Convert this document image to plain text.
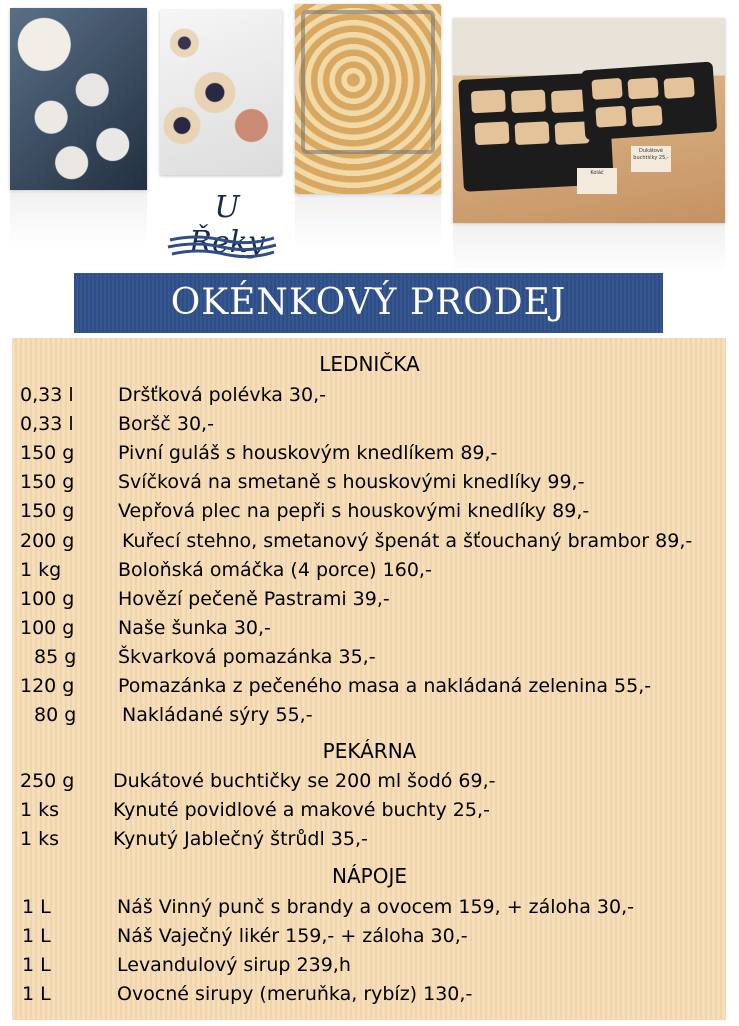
Koláč
Dukátové buchtičky 25,-
U Řeky
OKÉNKOVÝ PRODEJ
LEDNIČKA
0,33 l Dršťková polévka 30,-
0,33 l Boršč 30,-
150 g Pivní guláš s houskovým knedlíkem 89,-
150 g Svíčková na smetaně s houskovými knedlíky 99,-
150 g Vepřová plec na pepři s houskovými knedlíky 89,-
200 g	Kuřecí stehno, smetanový špenát a šťouchaný brambor 89,-
1 kg	Boloňská omáčka (4 porce) 160,-
100 g Hovězí pečeně Pastrami 39,-
100 g Naše šunka 30,-
85 g Škvarková pomazánka 35,-
120 g Pomazánka z pečeného masa a nakládaná zelenina 55,-
80 g Nakládané sýry 55,-
PEKÁRNA
250 g Dukátové buchtičky se 200 ml šodó 69,-
1 ks	Kynuté povidlové a makové buchty 25,-
1 ks	Kynutý Jablečný štrůdl 35,-
NÁPOJE
1 L	Náš Vinný punč s brandy a ovocem 159, + záloha 30,-
1 L	Náš Vaječný likér 159,- + záloha 30,-
1 L	Levandulový sirup 239,h
1 L	Ovocné sirupy (meruňka, rybíz) 130,-
